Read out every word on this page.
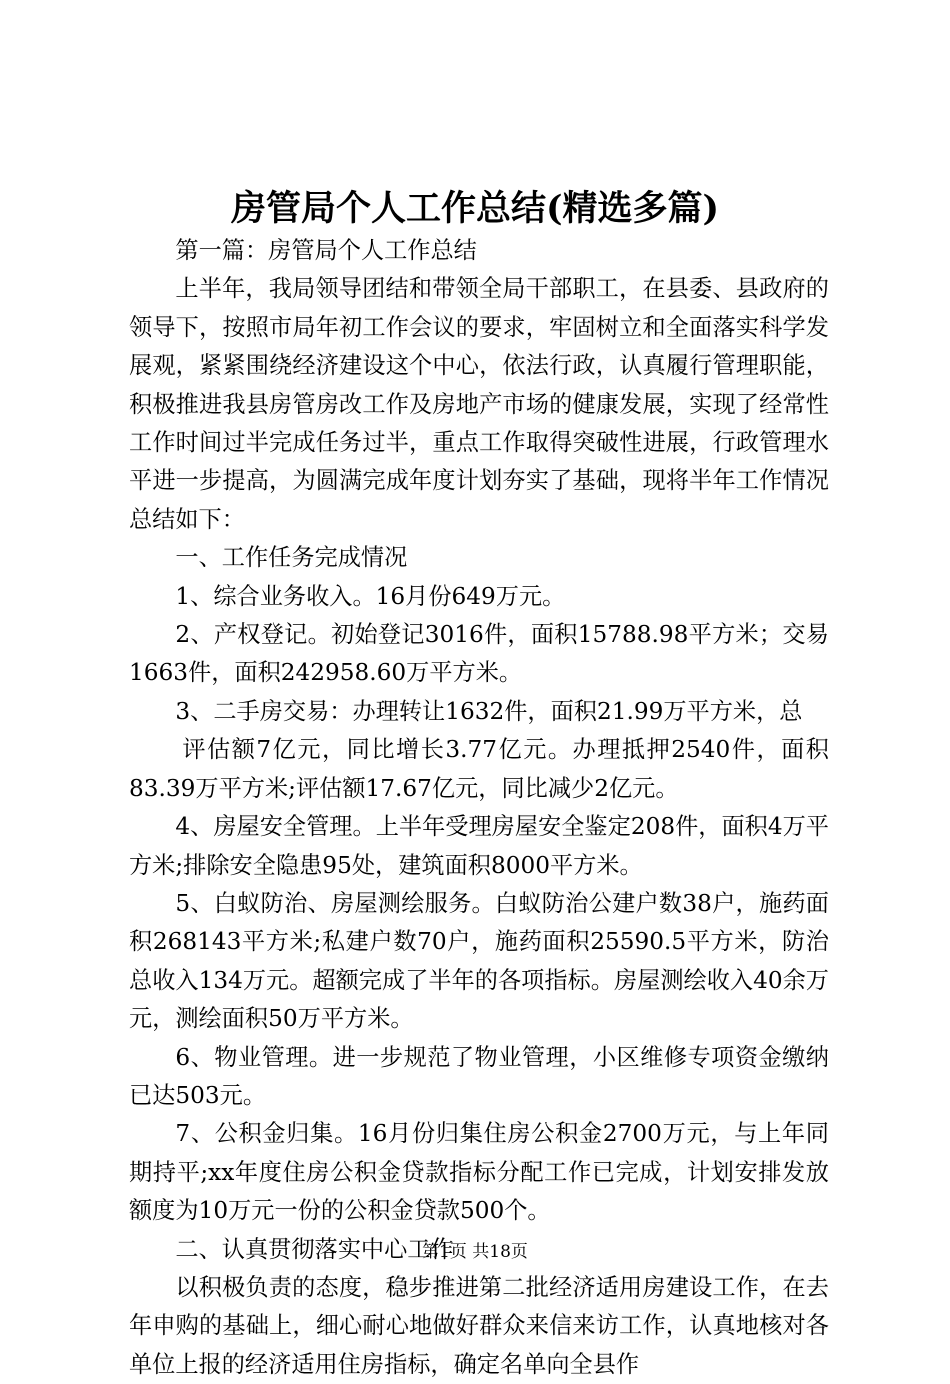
房管局个人工作总结(精选多篇)

第一篇：房管局个人工作总结

上半年，我局领导团结和带领全局干部职工，在县委、县政府的领导下，按照市局年初工作会议的要求，牢固树立和全面落实科学发展观，紧紧围绕经济建设这个中心，依法行政，认真履行管理职能，积极推进我县房管房改工作及房地产市场的健康发展，实现了经常性工作时间过半完成任务过半，重点工作取得突破性进展，行政管理水平进一步提高，为圆满完成年度计划夯实了基础，现将半年工作情况总结如下：

一、工作任务完成情况

1、综合业务收入。16月份649万元。

2、产权登记。初始登记3016件，面积15788.98平方米；交易1663件，面积242958.60万平方米。

3、二手房交易：办理转让1632件，面积21.99万平方米，总

评估额7亿元，同比增长3.77亿元。办理抵押2540件，面积83.39万平方米;评估额17.67亿元，同比减少2亿元。

4、房屋安全管理。上半年受理房屋安全鉴定208件，面积4万平方米;排除安全隐患95处，建筑面积8000平方米。

5、白蚁防治、房屋测绘服务。白蚁防治公建户数38户，施药面积268143平方米;私建户数70户，施药面积25590.5平方米，防治总收入134万元。超额完成了半年的各项指标。房屋测绘收入40余万元，测绘面积50万平方米。

6、物业管理。进一步规范了物业管理，小区维修专项资金缴纳已达503元。

7、公积金归集。16月份归集住房公积金2700万元，与上年同期持平;xx年度住房公积金贷款指标分配工作已完成，计划安排发放额度为10万元一份的公积金贷款500个。

二、认真贯彻落实中心工作

以积极负责的态度，稳步推进第二批经济适用房建设工作，在去年申购的基础上，细心耐心地做好群众来信来访工作，认真地核对各单位上报的经济适用住房指标，确定名单向全县作

第1页 共18页
